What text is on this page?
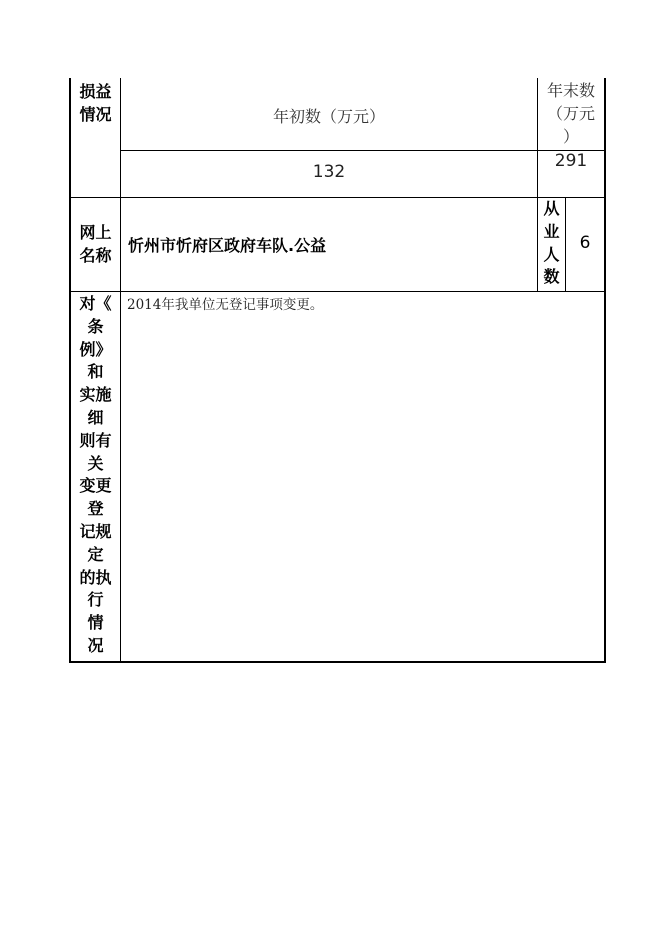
损益
情况	年初数（万元）
年末数
（万元
）
132
291
网上
名称
忻州市忻府区政府车队.公益
从
业
人
数
6
对《
条
例》
和
实施
细
则有
关
变更
登
记规
定
的执
行
情
况
2014年我单位无登记事项变更。
